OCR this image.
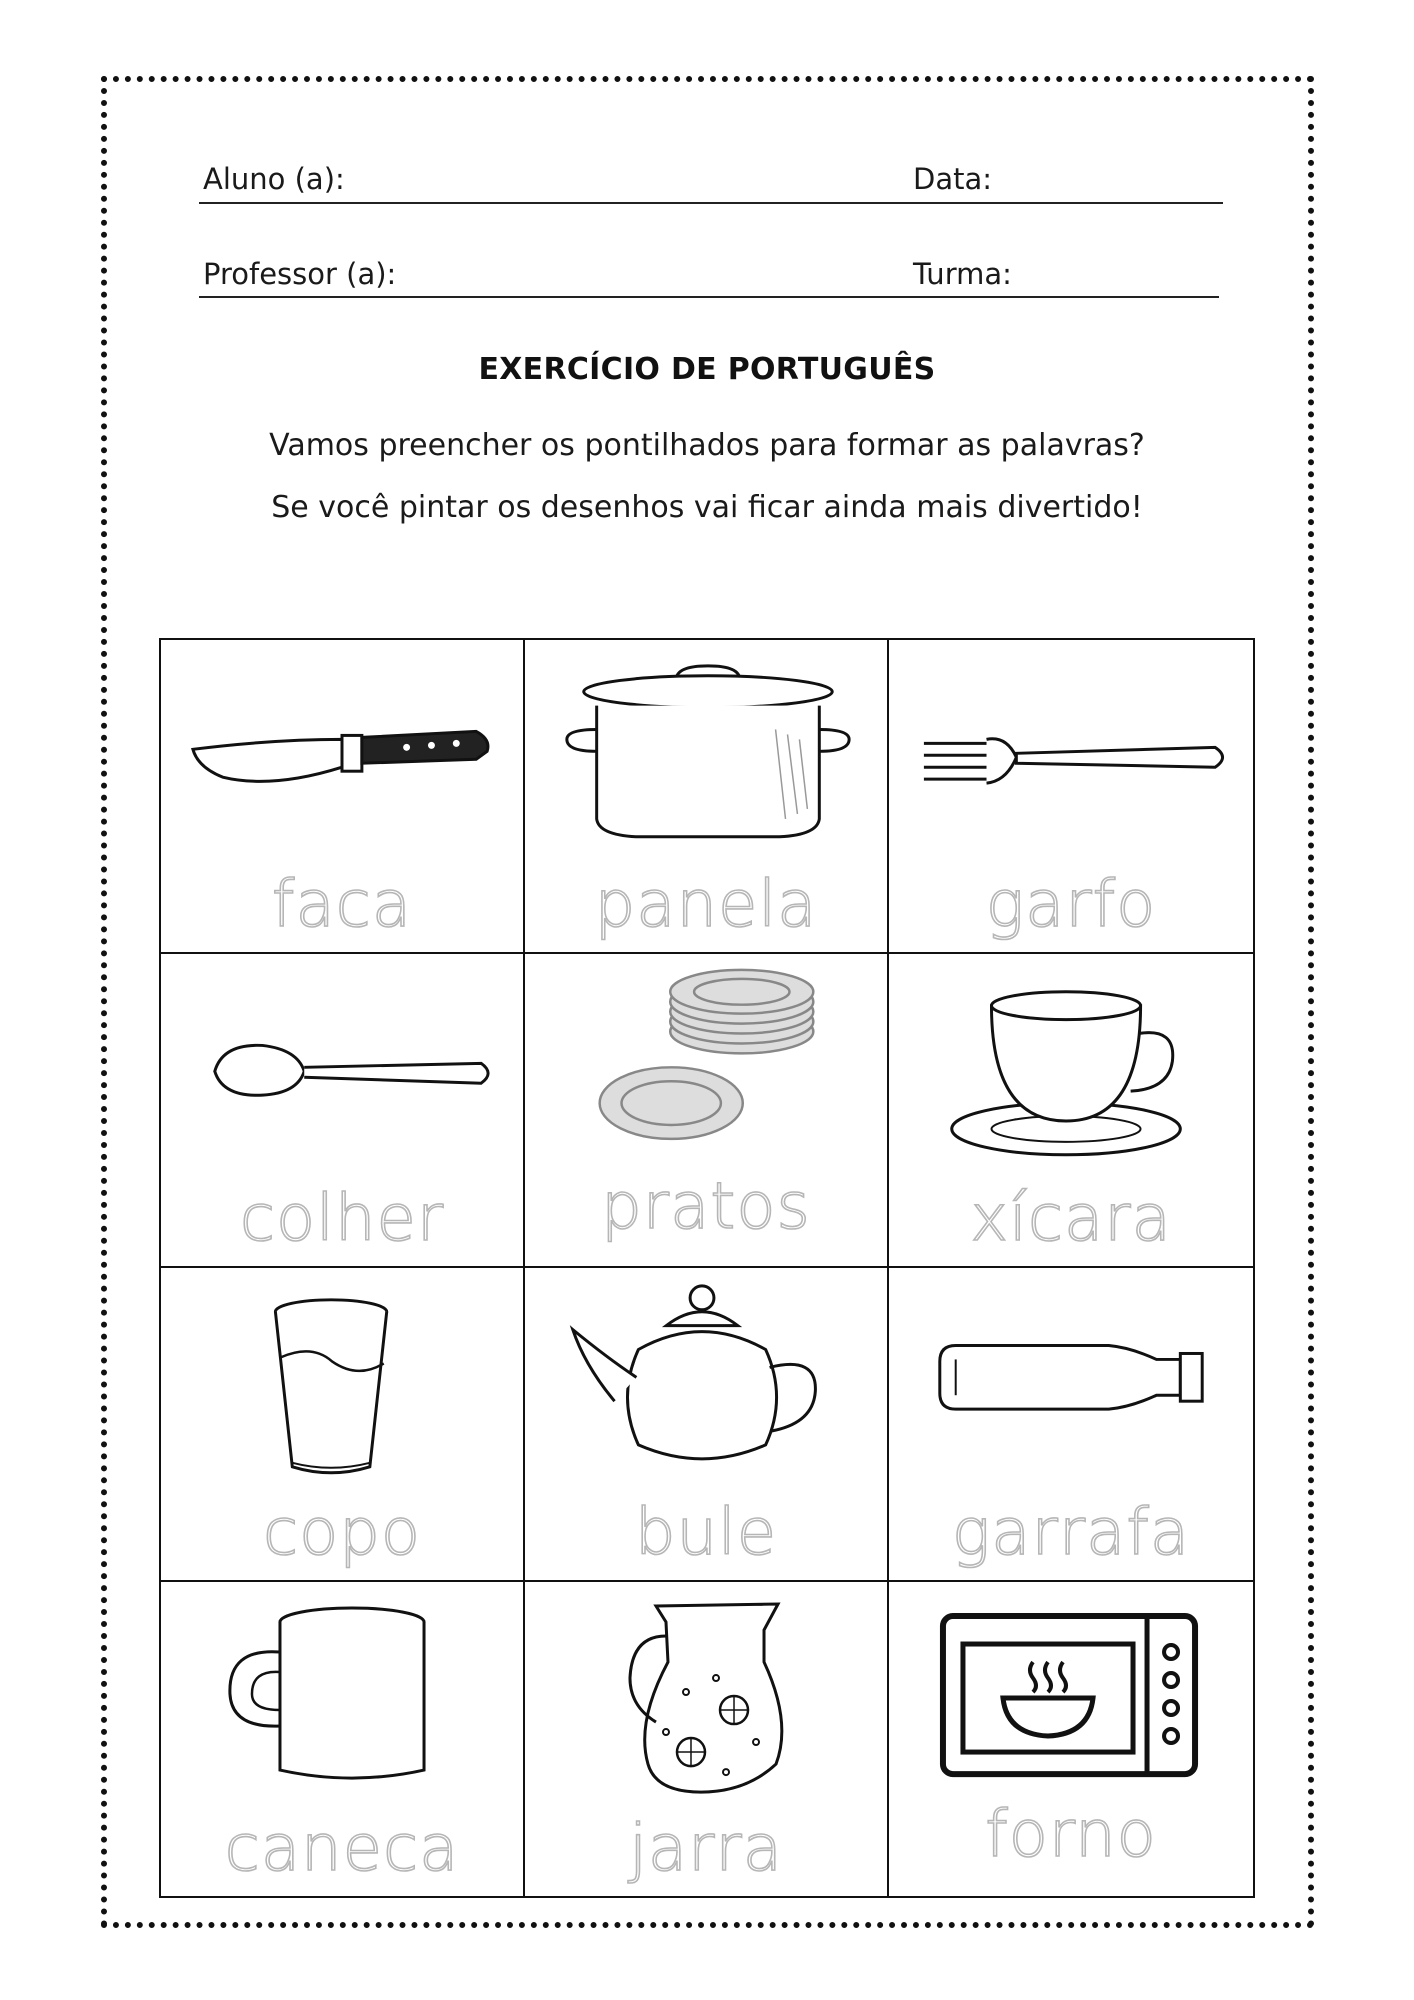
Aluno (a):	Data:
Professor (a):	Turma:
EXERCÍCIO DE PORTUGUÊS
Vamos preencher os pontilhados para formar as palavras?
Se você pintar os desenhos vai ficar ainda mais divertido!
faca	panela	garfo
colher	pratos	xícara
copo	bule	garrafa
caneca	jarra	forno
